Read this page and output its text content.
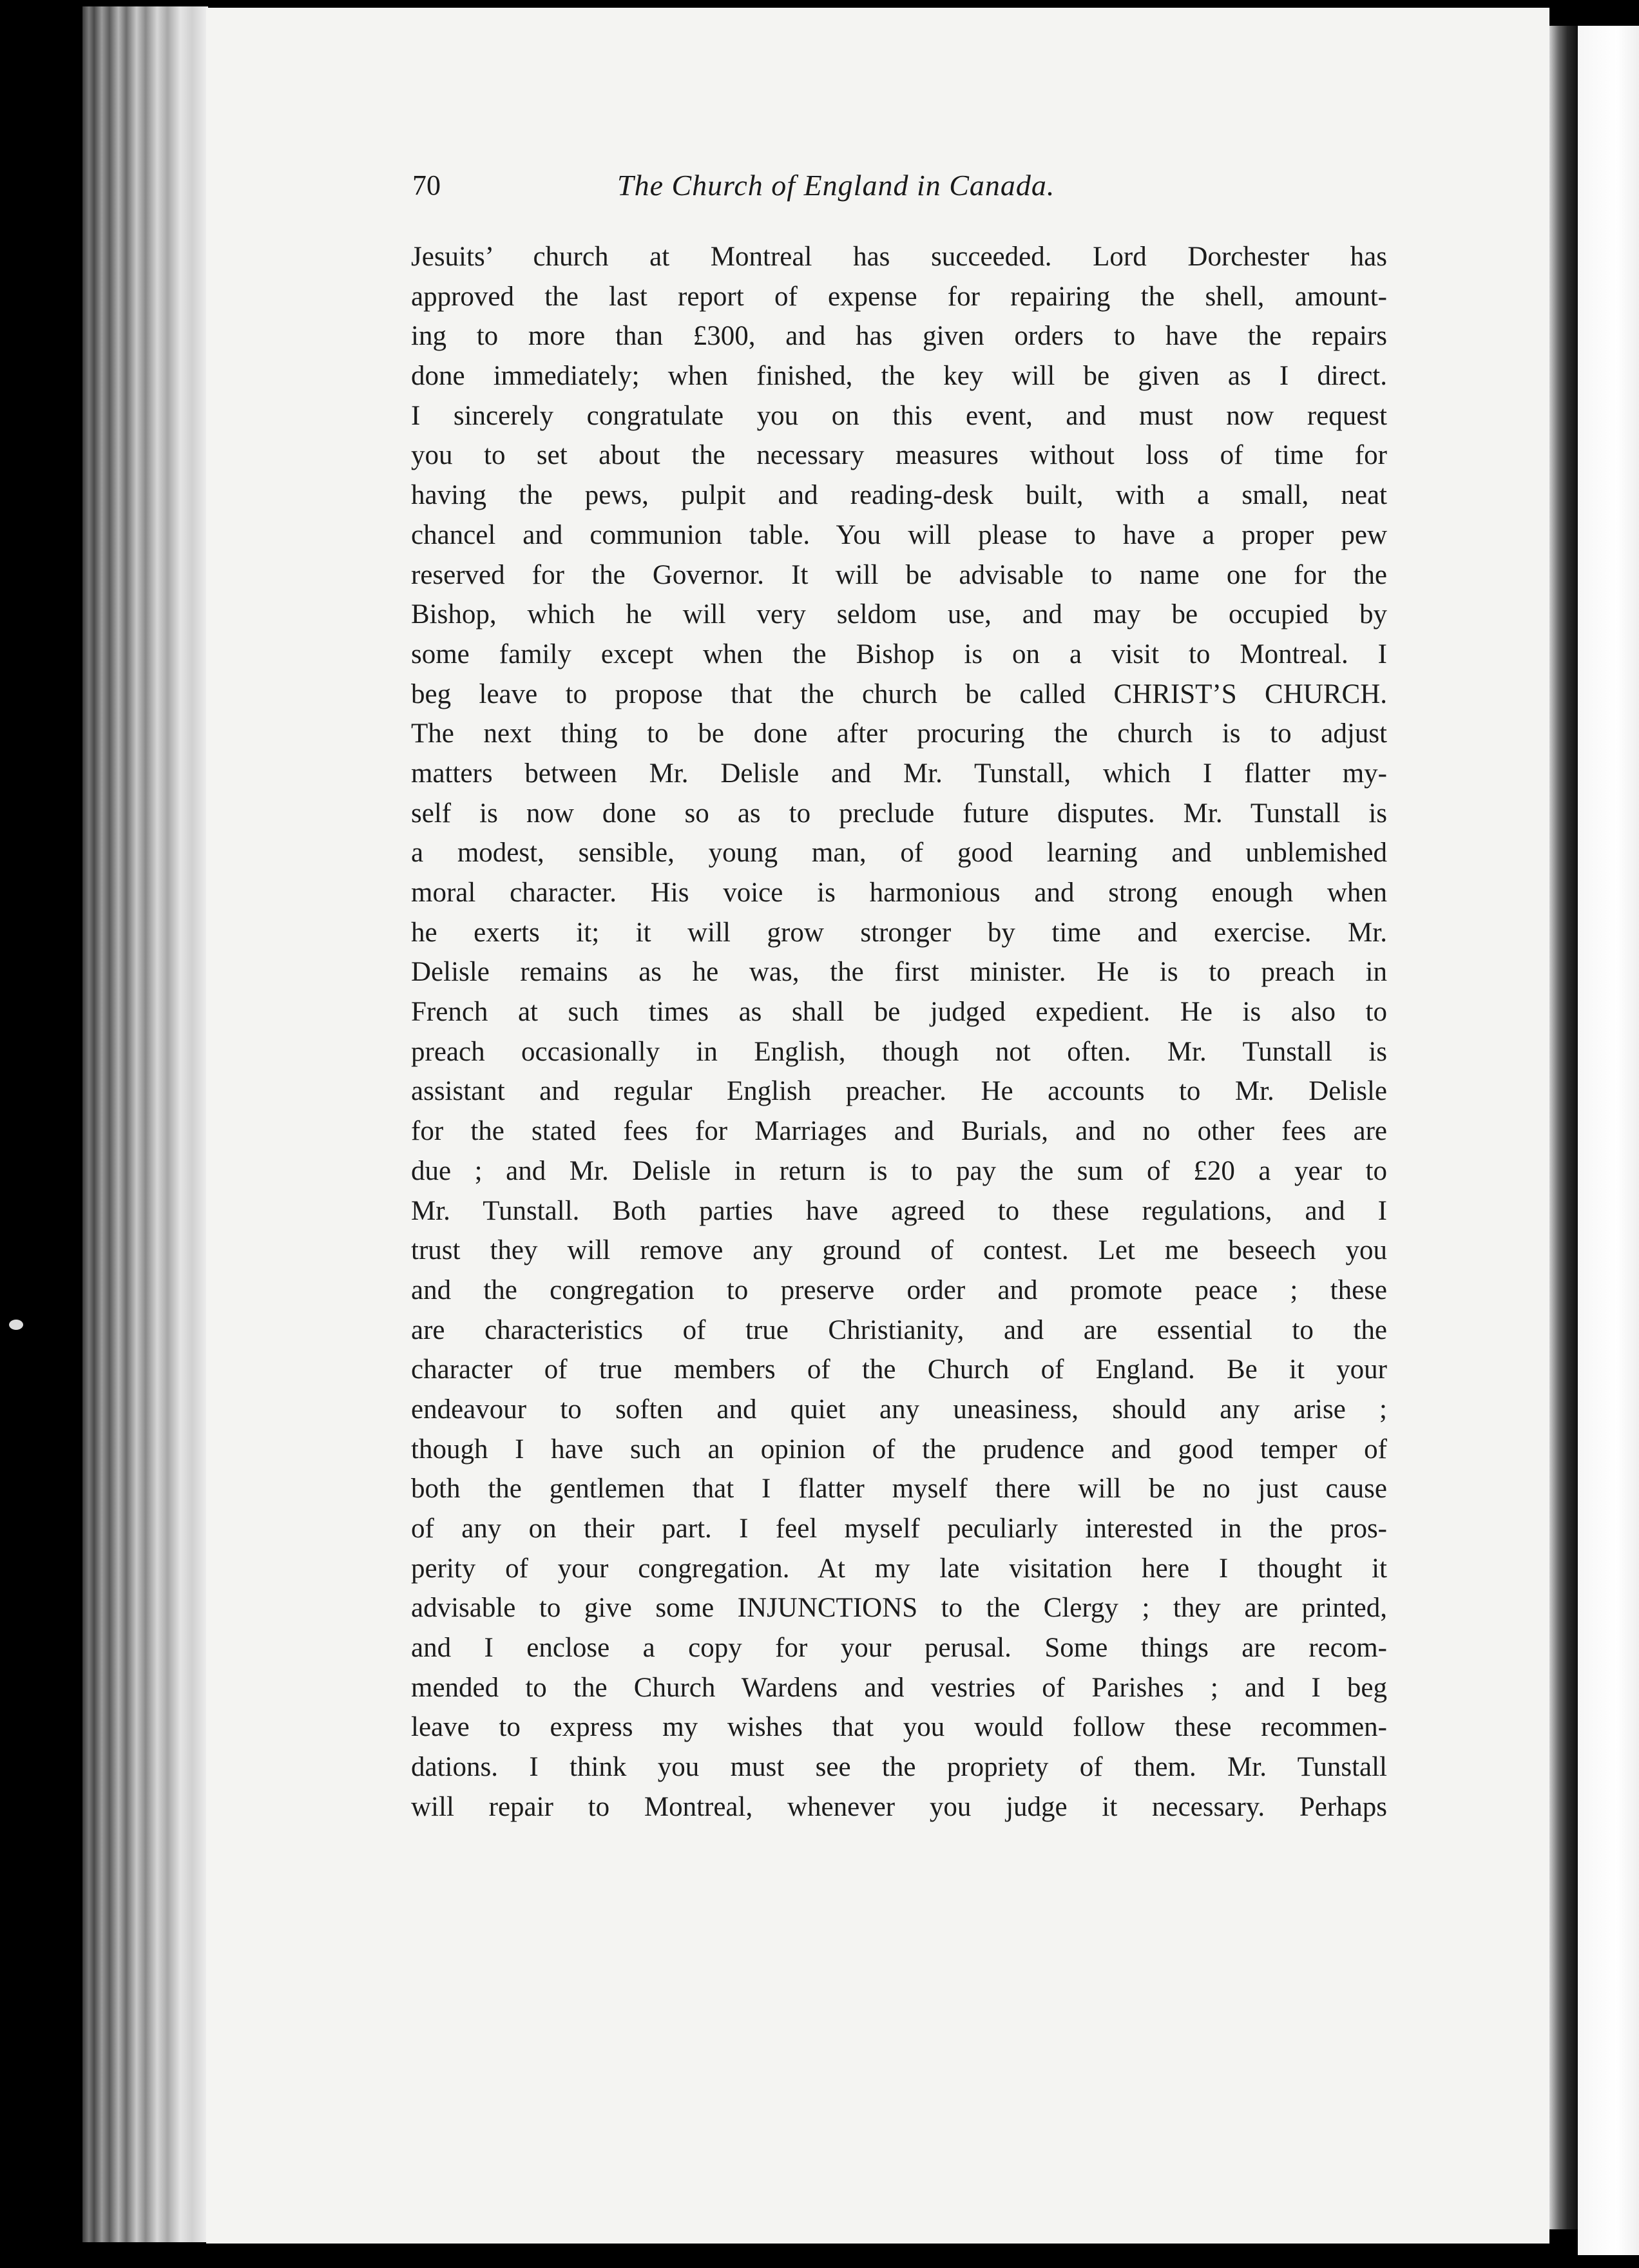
70	The Church of England in Canada.
Jesuits’ church at Montreal has succeeded. Lord Dorchester has
approved the last report of expense for repairing the shell, amount-
ing to more than £300, and has given orders to have the repairs
done immediately; when finished, the key will be given as I direct.
I sincerely congratulate you on this event, and must now request
you to set about the necessary measures without loss of time for
having the pews, pulpit and reading-desk built, with a small, neat
chancel and communion table. You will please to have a proper pew
reserved for the Governor. It will be advisable to name one for the
Bishop, which he will very seldom use, and may be occupied by
some family except when the Bishop is on a visit to Montreal. I
beg leave to propose that the church be called CHRIST’S CHURCH.
The next thing to be done after procuring the church is to adjust
matters between Mr. Delisle and Mr. Tunstall, which I flatter my-
self is now done so as to preclude future disputes. Mr. Tunstall is
a modest, sensible, young man, of good learning and unblemished
moral character. His voice is harmonious and strong enough when
he exerts it; it will grow stronger by time and exercise. Mr.
Delisle remains as he was, the first minister. He is to preach in
French at such times as shall be judged expedient. He is also to
preach occasionally in English, though not often. Mr. Tunstall is
assistant and regular English preacher. He accounts to Mr. Delisle
for the stated fees for Marriages and Burials, and no other fees are
due ; and Mr. Delisle in return is to pay the sum of £20 a year to
Mr. Tunstall. Both parties have agreed to these regulations, and I
trust they will remove any ground of contest. Let me beseech you
and the congregation to preserve order and promote peace ; these
are characteristics of true Christianity, and are essential to the
character of true members of the Church of England. Be it your
endeavour to soften and quiet any uneasiness, should any arise ;
though I have such an opinion of the prudence and good temper of
both the gentlemen that I flatter myself there will be no just cause
of any on their part. I feel myself peculiarly interested in the pros-
perity of your congregation. At my late visitation here I thought it
advisable to give some INJUNCTIONS to the Clergy ; they are printed,
and I enclose a copy for your perusal. Some things are recom-
mended to the Church Wardens and vestries of Parishes ; and I beg
leave to express my wishes that you would follow these recommen-
dations. I think you must see the propriety of them. Mr. Tunstall
will repair to Montreal, whenever you judge it necessary. Perhaps
